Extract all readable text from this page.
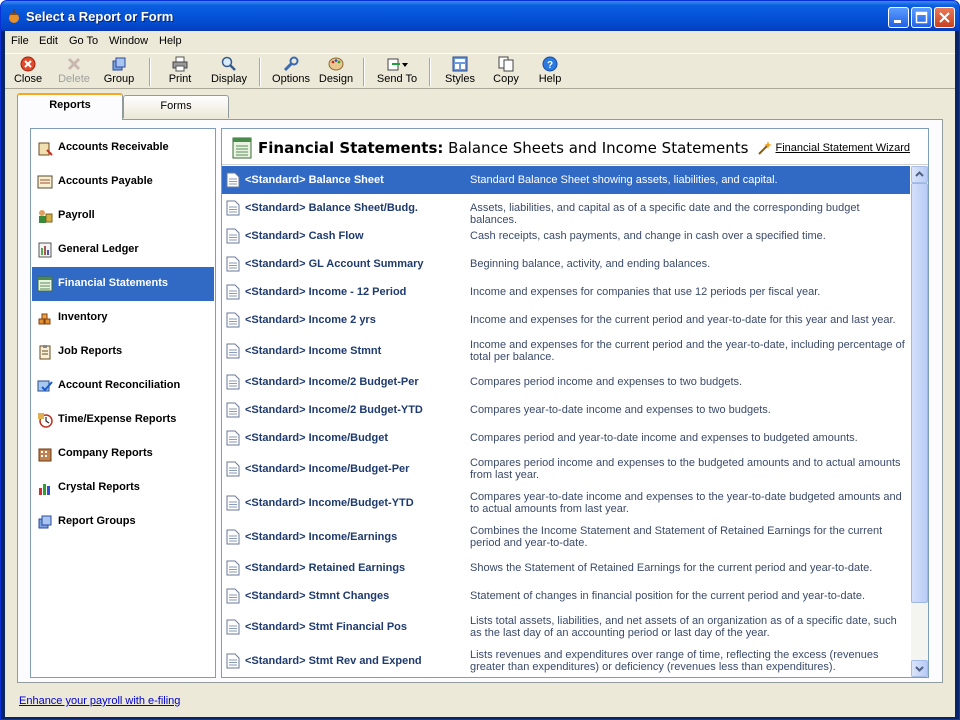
Select a Report or Form
File Edit Go To Window Help
Close Delete Group	Print	Display Options Design Send To	Styles Copy
?
Help
Reports	Forms
Accounts Receivable
Accounts Payable
Payroll
General Ledger
Financial Statements
Inventory
Job Reports
Account Reconciliation
Time/Expense Reports
Company Reports
Crystal Reports
Report Groups
Financial Statements: Balance Sheets and Income Statements Financial Statement Wizard
<Standard> Balance Sheet	Standard Balance Sheet showing assets, liabilities, and capital.
<Standard> Balance Sheet/Budg.	Assets, liabilities, and capital as of a specific date and the corresponding budget balances.
<Standard> Cash Flow	Cash receipts, cash payments, and change in cash over a specified time.
<Standard> GL Account Summary	Beginning balance, activity, and ending balances.
<Standard> Income - 12 Period	Income and expenses for companies that use 12 periods per fiscal year.
<Standard> Income 2 yrs	Income and expenses for the current period and year-to-date for this year and last year.
<Standard> Income Stmnt	Income and expenses for the current period and the year-to-date, including percentage of total per balance.
<Standard> Income/2 Budget-Per	Compares period income and expenses to two budgets.
<Standard> Income/2 Budget-YTD	Compares year-to-date income and expenses to two budgets.
<Standard> Income/Budget	Compares period and year-to-date income and expenses to budgeted amounts.
<Standard> Income/Budget-Per	Compares period income and expenses to the budgeted amounts and to actual amounts from last year.
<Standard> Income/Budget-YTD	Compares year-to-date income and expenses to the year-to-date budgeted amounts and to actual amounts from last year.
<Standard> Income/Earnings	Combines the Income Statement and Statement of Retained Earnings for the current period and year-to-date.
<Standard> Retained Earnings	Shows the Statement of Retained Earnings for the current period and year-to-date.
<Standard> Stmnt Changes	Statement of changes in financial position for the current period and year-to-date.
<Standard> Stmt Financial Pos	Lists total assets, liabilities, and net assets of an organization as of a specific date, such as the last day of an accounting period or last day of the year.
<Standard> Stmt Rev and Expend	Lists revenues and expenditures over range of time, reflecting the excess (revenues greater than expenditures) or deficiency (revenues less than expenditures).
Enhance your payroll with e-filing
